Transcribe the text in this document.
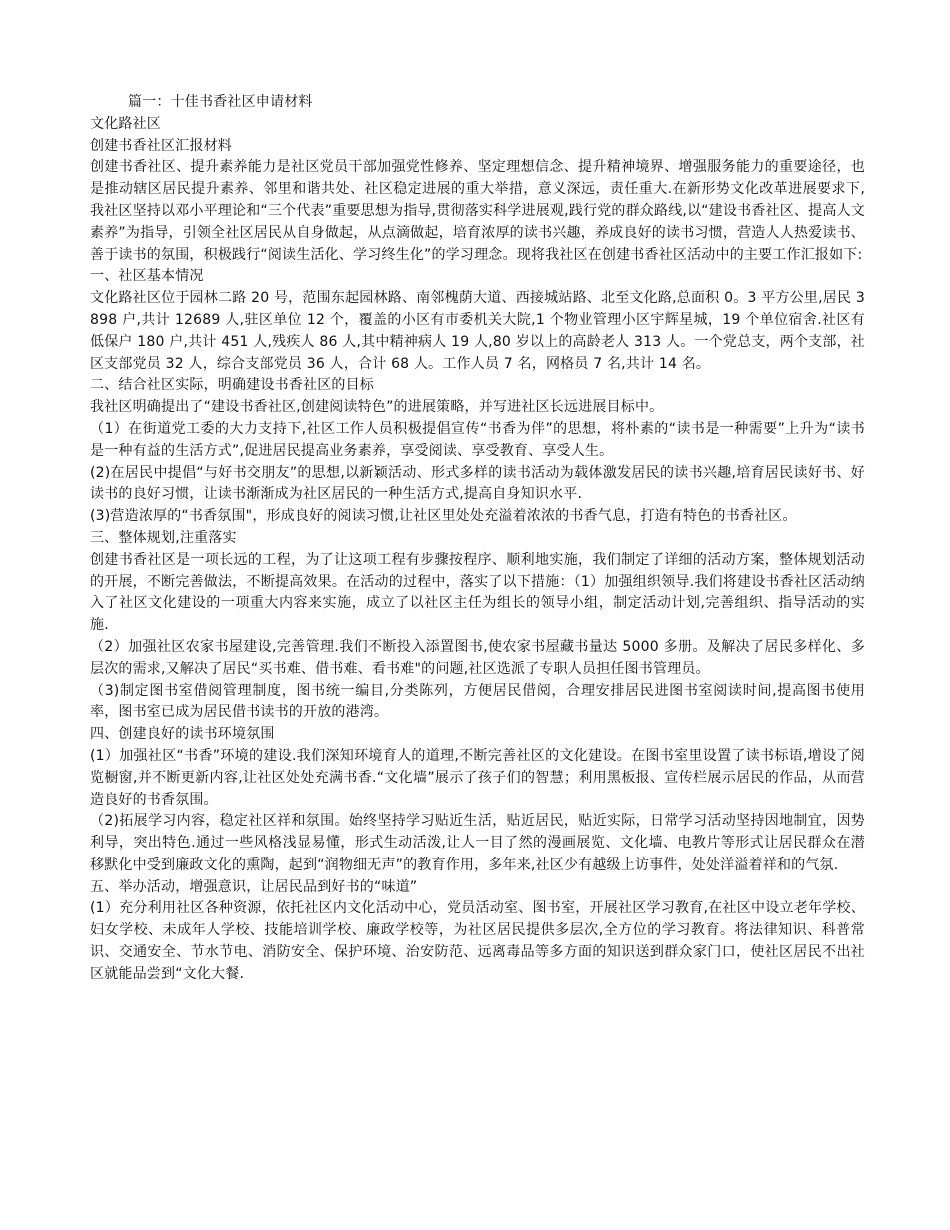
篇一：十佳书香社区申请材料

文化路社区

创建书香社区汇报材料

创建书香社区、提升素养能力是社区党员干部加强党性修养、坚定理想信念、提升精神境界、增强服务能力的重要途径，也是推动辖区居民提升素养、邻里和谐共处、社区稳定进展的重大举措，意义深远，责任重大.在新形势文化改革进展要求下,我社区坚持以邓小平理论和“三个代表”重要思想为指导,贯彻落实科学进展观,践行党的群众路线,以“建设书香社区、提高人文素养”为指导，引领全社区居民从自身做起，从点滴做起，培育浓厚的读书兴趣，养成良好的读书习惯，营造人人热爱读书、善于读书的氛围，积极践行“阅读生活化、学习终生化”的学习理念。现将我社区在创建书香社区活动中的主要工作汇报如下:

一、社区基本情况

文化路社区位于园林二路 20 号，范围东起园林路、南邻槐荫大道、西接城站路、北至文化路,总面积 0。3 平方公里,居民 3898 户,共计 12689 人,驻区单位 12 个，覆盖的小区有市委机关大院,1 个物业管理小区宇辉星城，19 个单位宿舍.社区有低保户 180 户,共计 451 人,残疾人 86 人,其中精神病人 19 人,80 岁以上的高龄老人 313 人。一个党总支，两个支部，社区支部党员 32 人，综合支部党员 36 人，合计 68 人。工作人员 7 名，网格员 7 名,共计 14 名。

二、结合社区实际，明确建设书香社区的目标

我社区明确提出了“建设书香社区,创建阅读特色”的进展策略，并写进社区长远进展目标中。

（1）在街道党工委的大力支持下,社区工作人员积极提倡宣传“书香为伴”的思想，将朴素的“读书是一种需要”上升为“读书是一种有益的生活方式”,促进居民提高业务素养，享受阅读、享受教育、享受人生。

(2)在居民中提倡“与好书交朋友”的思想,以新颖活动、形式多样的读书活动为载体激发居民的读书兴趣,培育居民读好书、好读书的良好习惯，让读书渐渐成为社区居民的一种生活方式,提高自身知识水平.

(3)营造浓厚的“书香氛围"，形成良好的阅读习惯,让社区里处处充溢着浓浓的书香气息，打造有特色的书香社区。

三、整体规划,注重落实

创建书香社区是一项长远的工程，为了让这项工程有步骤按程序、顺利地实施，我们制定了详细的活动方案，整体规划活动的开展，不断完善做法，不断提高效果。在活动的过程中，落实了以下措施：（1）加强组织领导.我们将建设书香社区活动纳入了社区文化建设的一项重大内容来实施，成立了以社区主任为组长的领导小组，制定活动计划,完善组织、指导活动的实施.

（2）加强社区农家书屋建设,完善管理.我们不断投入添置图书,使农家书屋藏书量达 5000 多册。及解决了居民多样化、多层次的需求,又解决了居民“买书难、借书难、看书难"的问题,社区选派了专职人员担任图书管理员。

（3)制定图书室借阅管理制度，图书统一编目,分类陈列，方便居民借阅，合理安排居民进图书室阅读时间,提高图书使用率，图书室已成为居民借书读书的开放的港湾。

四、创建良好的读书环境氛围

(1）加强社区“书香”环境的建设.我们深知环境育人的道理,不断完善社区的文化建设。在图书室里设置了读书标语,增设了阅览橱窗,并不断更新内容,让社区处处充满书香.“文化墙”展示了孩子们的智慧；利用黑板报、宣传栏展示居民的作品，从而营造良好的书香氛围。

（2)拓展学习内容，稳定社区祥和氛围。始终坚持学习贴近生活，贴近居民，贴近实际，日常学习活动坚持因地制宜，因势利导，突出特色.通过一些风格浅显易懂，形式生动活泼,让人一目了然的漫画展览、文化墙、电教片等形式让居民群众在潜移默化中受到廉政文化的熏陶，起到“润物细无声”的教育作用，多年来,社区少有越级上访事件，处处洋溢着祥和的气氛.

五、举办活动，增强意识，让居民品到好书的“味道”

(1）充分利用社区各种资源，依托社区内文化活动中心，党员活动室、图书室，开展社区学习教育,在社区中设立老年学校、妇女学校、未成年人学校、技能培训学校、廉政学校等，为社区居民提供多层次,全方位的学习教育。将法律知识、科普常识、交通安全、节水节电、消防安全、保护环境、治安防范、远离毒品等多方面的知识送到群众家门口，使社区居民不出社区就能品尝到“文化大餐.
